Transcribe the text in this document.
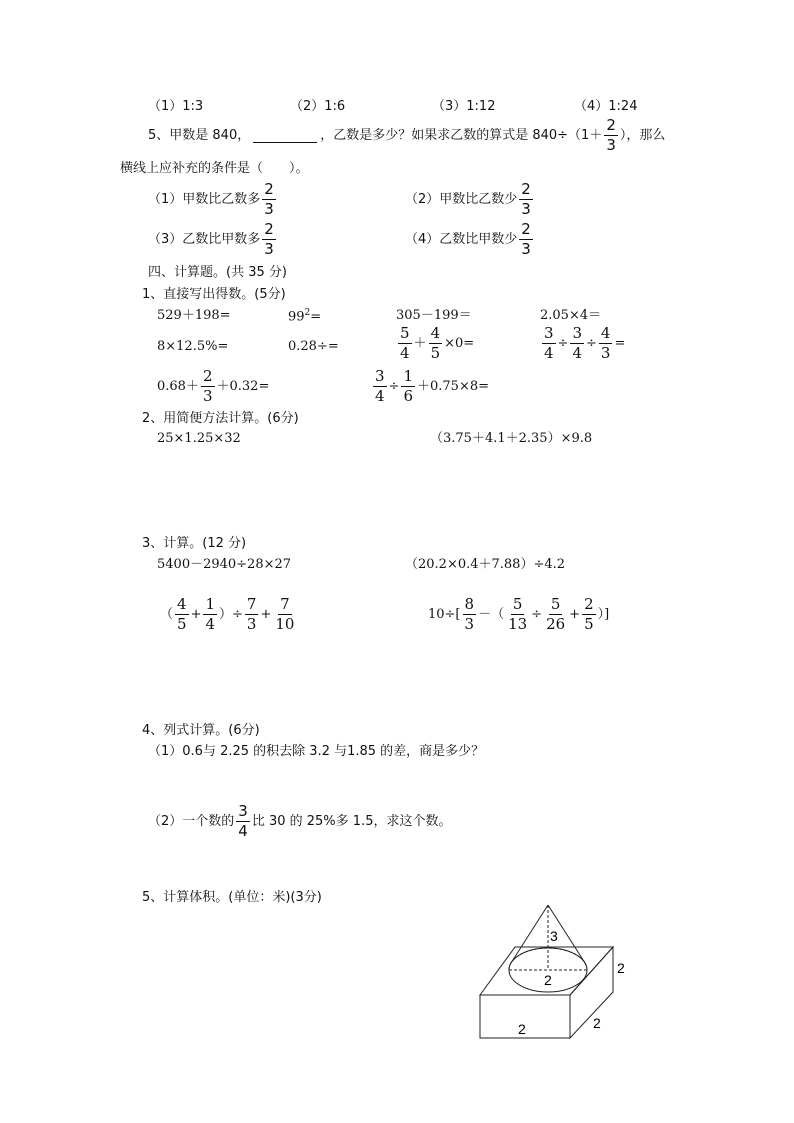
（1）1:3	（2）1:6	（3）1:12	（4）1:24
5、甲数是 840，	，乙数是多少？如果求乙数的算式是 $840\div(1+ \frac{2}{3}$ ），那么
横线上应补充的条件是（　　）。
（1）甲数比乙数多 $\frac{2}{3}$	（2）甲数比乙数少 $\frac{2}{3}$
（3）乙数比甲数多 $\frac{2}{3}$	（4）乙数比甲数少 $\frac{2}{3}$
四、计算题。(共 35 分)
1、直接写出得数。(5分)
529＋198=	$99^2=$	305－199＝	2.05×4＝
8×12.5%=	0.28÷=	$\frac{5}{4} + \frac{4}{5} \times 0=$	$\frac{3}{4} \div \frac{3}{4} \div \frac{4}{3}$ =
$0.68+ \frac{2}{3} +0.32=$	$\frac{3}{4} \div \frac{1}{6} +0.75\times 8=$
2、用简便方法计算。(6分)
25×1.25×32	（3.75＋4.1＋2.35）×9.8
3、计算。(12 分)
5400－2940÷28×27	（20.2×0.4＋7.88）÷4.2
（ $\frac{4}{5} + \frac{1}{4}$ ）÷ $\frac{7}{3} + \frac{7}{10}$	$10\div[ \frac{8}{3}$ －（ $\frac{5}{13} \div \frac{5}{26} + \frac{2}{5}$ ）]
4、列式计算。(6分)
（1）0.6与 2.25 的积去除 3.2 与1.85 的差，商是多少？
（2）一个数的 $\frac{3}{4}$ 比 30 的 25%多 1.5，求这个数。
5、计算体积。(单位：米)(3分)
3
2
2
2
2
